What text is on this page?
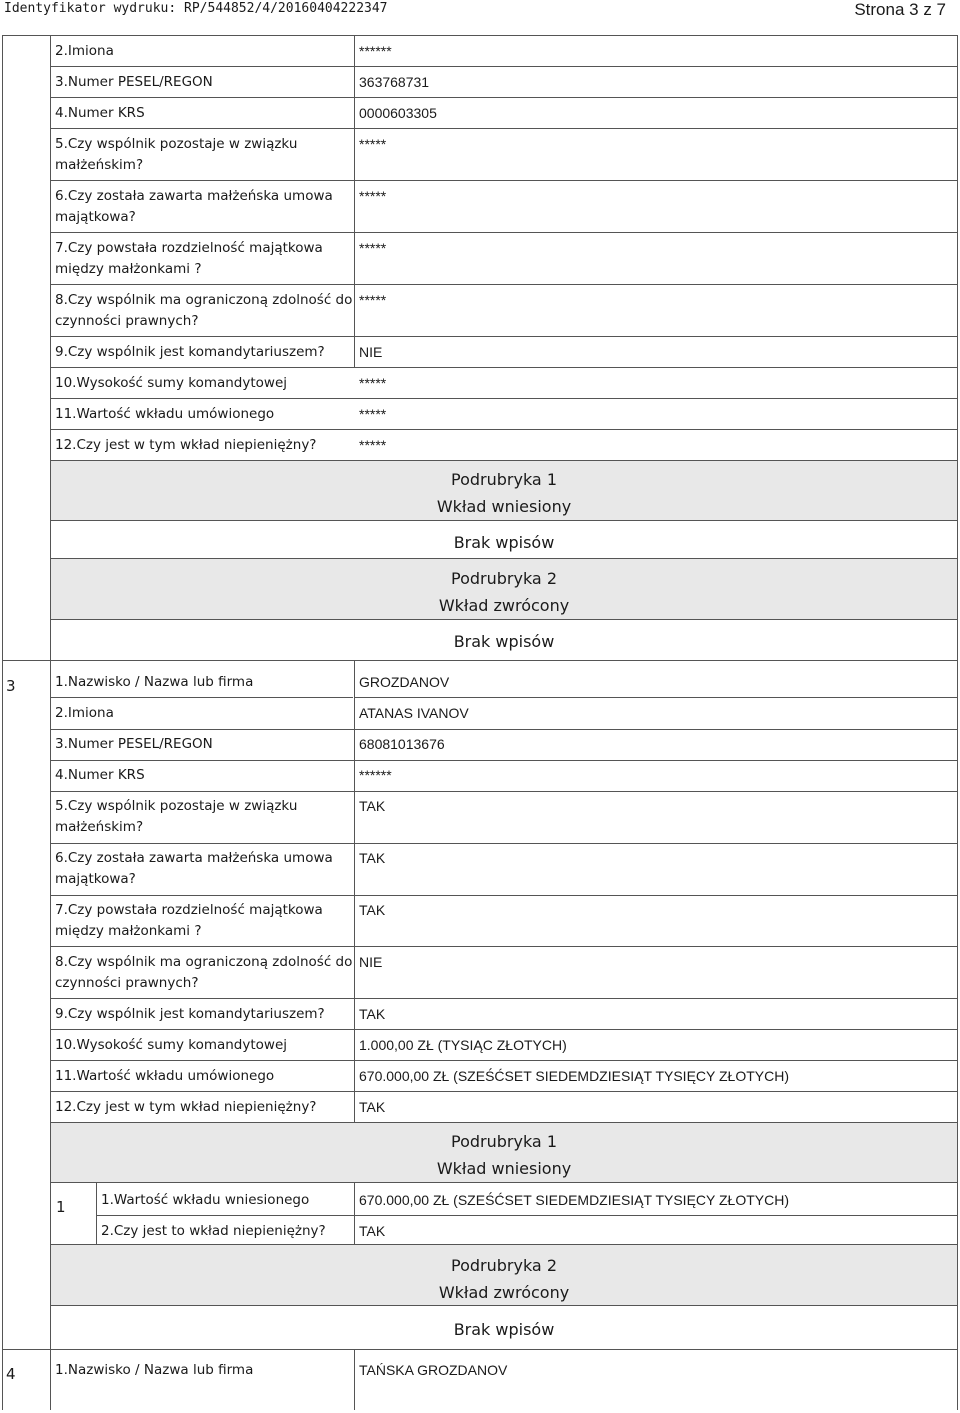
Identyfikator wydruku: RP/544852/4/20160404222347	Strona 3 z 7
2.Imiona	******
3.Numer PESEL/REGON	363768731
4.Numer KRS	0000603305
5.Czy wspólnik pozostaje w związku
małżeńskim?
*****
6.Czy została zawarta małżeńska umowa
majątkowa?
*****
7.Czy powstała rozdzielność majątkowa
między małżonkami ?
*****
8.Czy wspólnik ma ograniczoną zdolność do
czynności prawnych?
*****
9.Czy wspólnik jest komandytariuszem? NIE
10.Wysokość sumy komandytowej	*****
11.Wartość wkładu umówionego	*****
12.Czy jest w tym wkład niepieniężny?	*****
Podrubryka 1
Wkład wniesiony
Brak wpisów
Podrubryka 2
Wkład zwrócony
Brak wpisów
3	1.Nazwisko / Nazwa lub firma	GROZDANOV
2.Imiona	ATANAS IVANOV
3.Numer PESEL/REGON	68081013676
4.Numer KRS	******
5.Czy wspólnik pozostaje w związku
małżeńskim?
TAK
6.Czy została zawarta małżeńska umowa
majątkowa?
TAK
7.Czy powstała rozdzielność majątkowa
między małżonkami ?
TAK
8.Czy wspólnik ma ograniczoną zdolność do
czynności prawnych?
NIE
9.Czy wspólnik jest komandytariuszem? TAK
10.Wysokość sumy komandytowej	1.000,00 ZŁ (TYSIĄC ZŁOTYCH)
11.Wartość wkładu umówionego	670.000,00 ZŁ (SZEŚĆSET SIEDEMDZIESIĄT TYSIĘCY ZŁOTYCH)
12.Czy jest w tym wkład niepieniężny?	TAK
Podrubryka 1
Wkład wniesiony
1	1.Wartość wkładu wniesionego	670.000,00 ZŁ (SZEŚĆSET SIEDEMDZIESIĄT TYSIĘCY ZŁOTYCH)
2.Czy jest to wkład niepieniężny? TAK
Podrubryka 2
Wkład zwrócony
Brak wpisów
4	1.Nazwisko / Nazwa lub firma	TAŃSKA GROZDANOV
